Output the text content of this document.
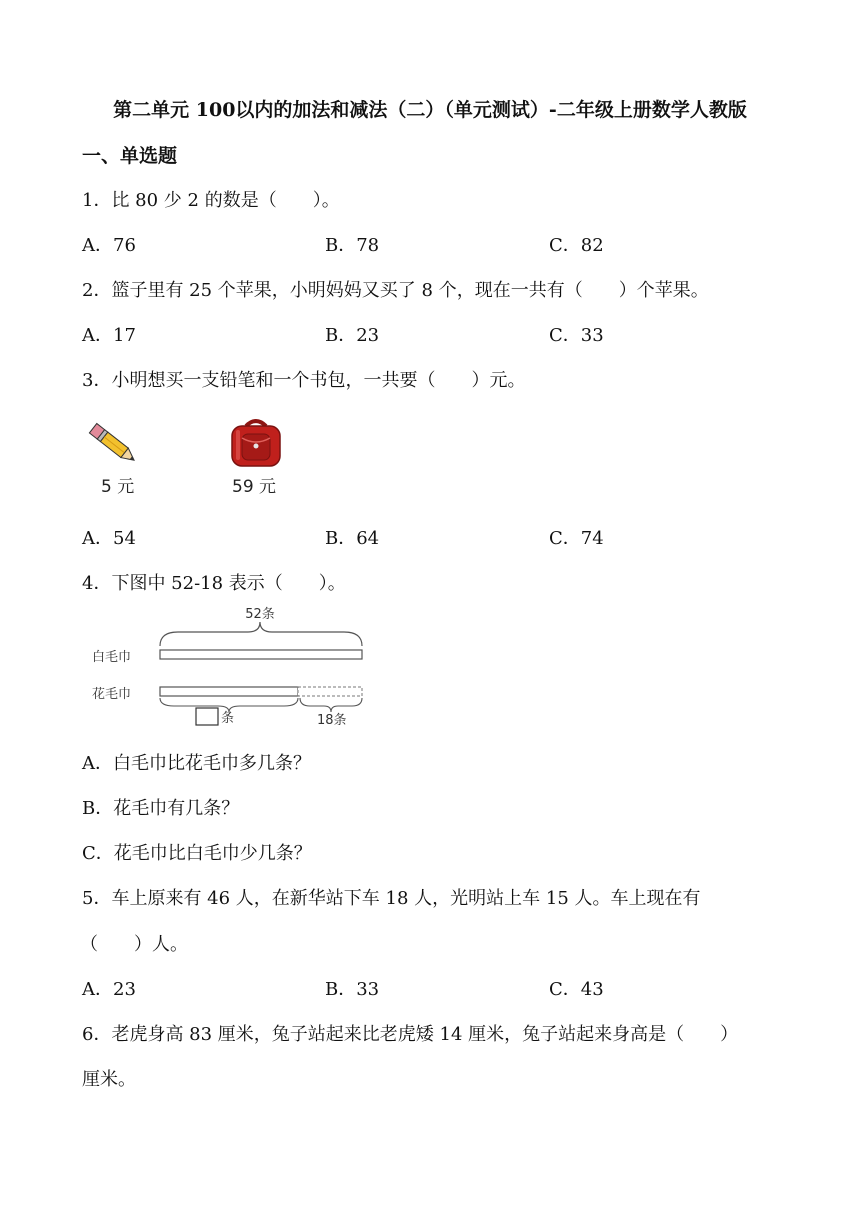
第二单元 100以内的加法和减法（二）（单元测试）-二年级上册数学人教版
一、单选题
1．比 80 少 2 的数是（　　）。
A．76	B．78	C．82
2．篮子里有 25 个苹果，小明妈妈又买了 8 个，现在一共有（　　）个苹果。
A．17	B．23	C．33
3．小明想买一支铅笔和一个书包，一共要（　　）元。
5 元	59 元
A．54	B．64	C．74
4．下图中 52-18 表示（　　）。
52条
白毛巾
花毛巾
条	18条
A．白毛巾比花毛巾多几条？
B．花毛巾有几条？
C．花毛巾比白毛巾少几条？
5．车上原来有 46 人，在新华站下车 18 人，光明站上车 15 人。车上现在有
（　　）人。
A．23	B．33	C．43
6．老虎身高 83 厘米，兔子站起来比老虎矮 14 厘米，兔子站起来身高是（　　）
厘米。
